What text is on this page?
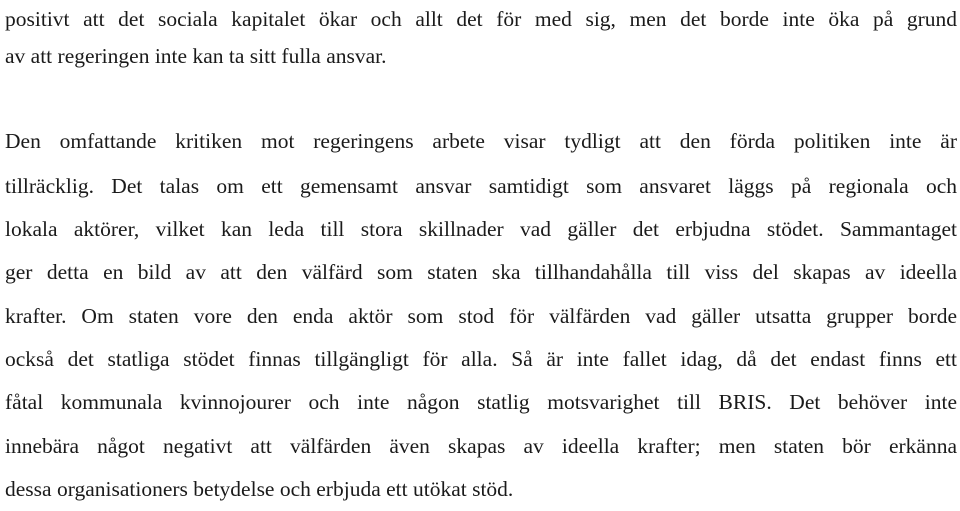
positivt att det sociala kapitalet ökar och allt det för med sig, men det borde inte öka på grund
av att regeringen inte kan ta sitt fulla ansvar.
Den omfattande kritiken mot regeringens arbete visar tydligt att den förda politiken inte är
tillräcklig. Det talas om ett gemensamt ansvar samtidigt som ansvaret läggs på regionala och
lokala aktörer, vilket kan leda till stora skillnader vad gäller det erbjudna stödet. Sammantaget
ger detta en bild av att den välfärd som staten ska tillhandahålla till viss del skapas av ideella
krafter. Om staten vore den enda aktör som stod för välfärden vad gäller utsatta grupper borde
också det statliga stödet finnas tillgängligt för alla. Så är inte fallet idag, då det endast finns ett
fåtal kommunala kvinnojourer och inte någon statlig motsvarighet till BRIS. Det behöver inte
innebära något negativt att välfärden även skapas av ideella krafter; men staten bör erkänna
dessa organisationers betydelse och erbjuda ett utökat stöd.
